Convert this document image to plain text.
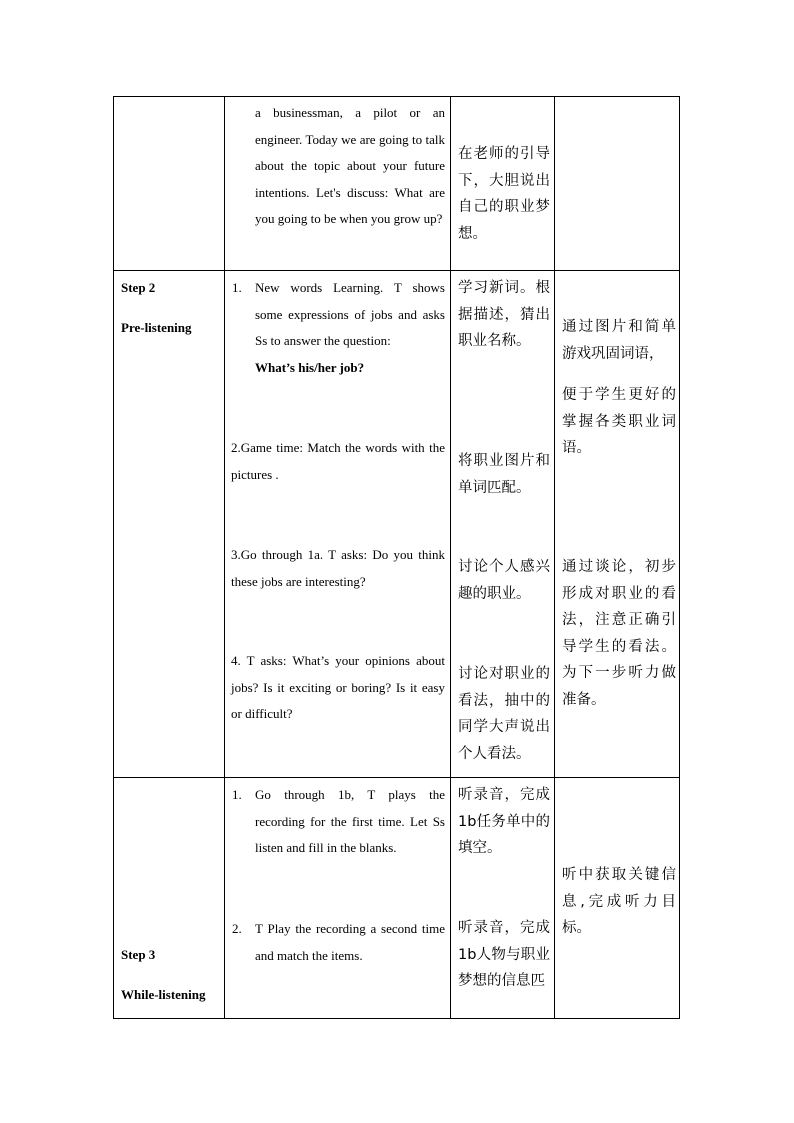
a businessman, a pilot or an engineer. Today we are going to talk about the topic about your future intentions. Let's discuss: What are you going to be when you grow up?
在老师的引导下，大胆说出自己的职业梦想。
Step 2
Pre-listening
1. New words Learning. T shows some expressions of jobs and asks Ss to answer the question:
What’s his/her job?
2.Game time: Match the words with the pictures .
3.Go through 1a. T asks: Do you think these jobs are interesting?
4. T asks: What’s your opinions about jobs? Is it exciting or boring? Is it easy or difficult?
学习新词。根据描述，猜出职业名称。
将职业图片和单词匹配。
讨论个人感兴趣的职业。
讨论对职业的看法，抽中的同学大声说出个人看法。
通过图片和简单游戏巩固词语，
便于学生更好的掌握各类职业词语。
通过谈论，初步形成对职业的看法，注意正确引导学生的看法。为下一步听力做准备。
Step 3
While-listening
1. Go through 1b, T plays the recording for the first time. Let Ss listen and fill in the blanks.
2. T Play the recording a second time and match the items.
听录音，完成1b任务单中的填空。
听录音，完成1b人物与职业梦想的信息匹
听中获取关键信息,完成听力目标。
